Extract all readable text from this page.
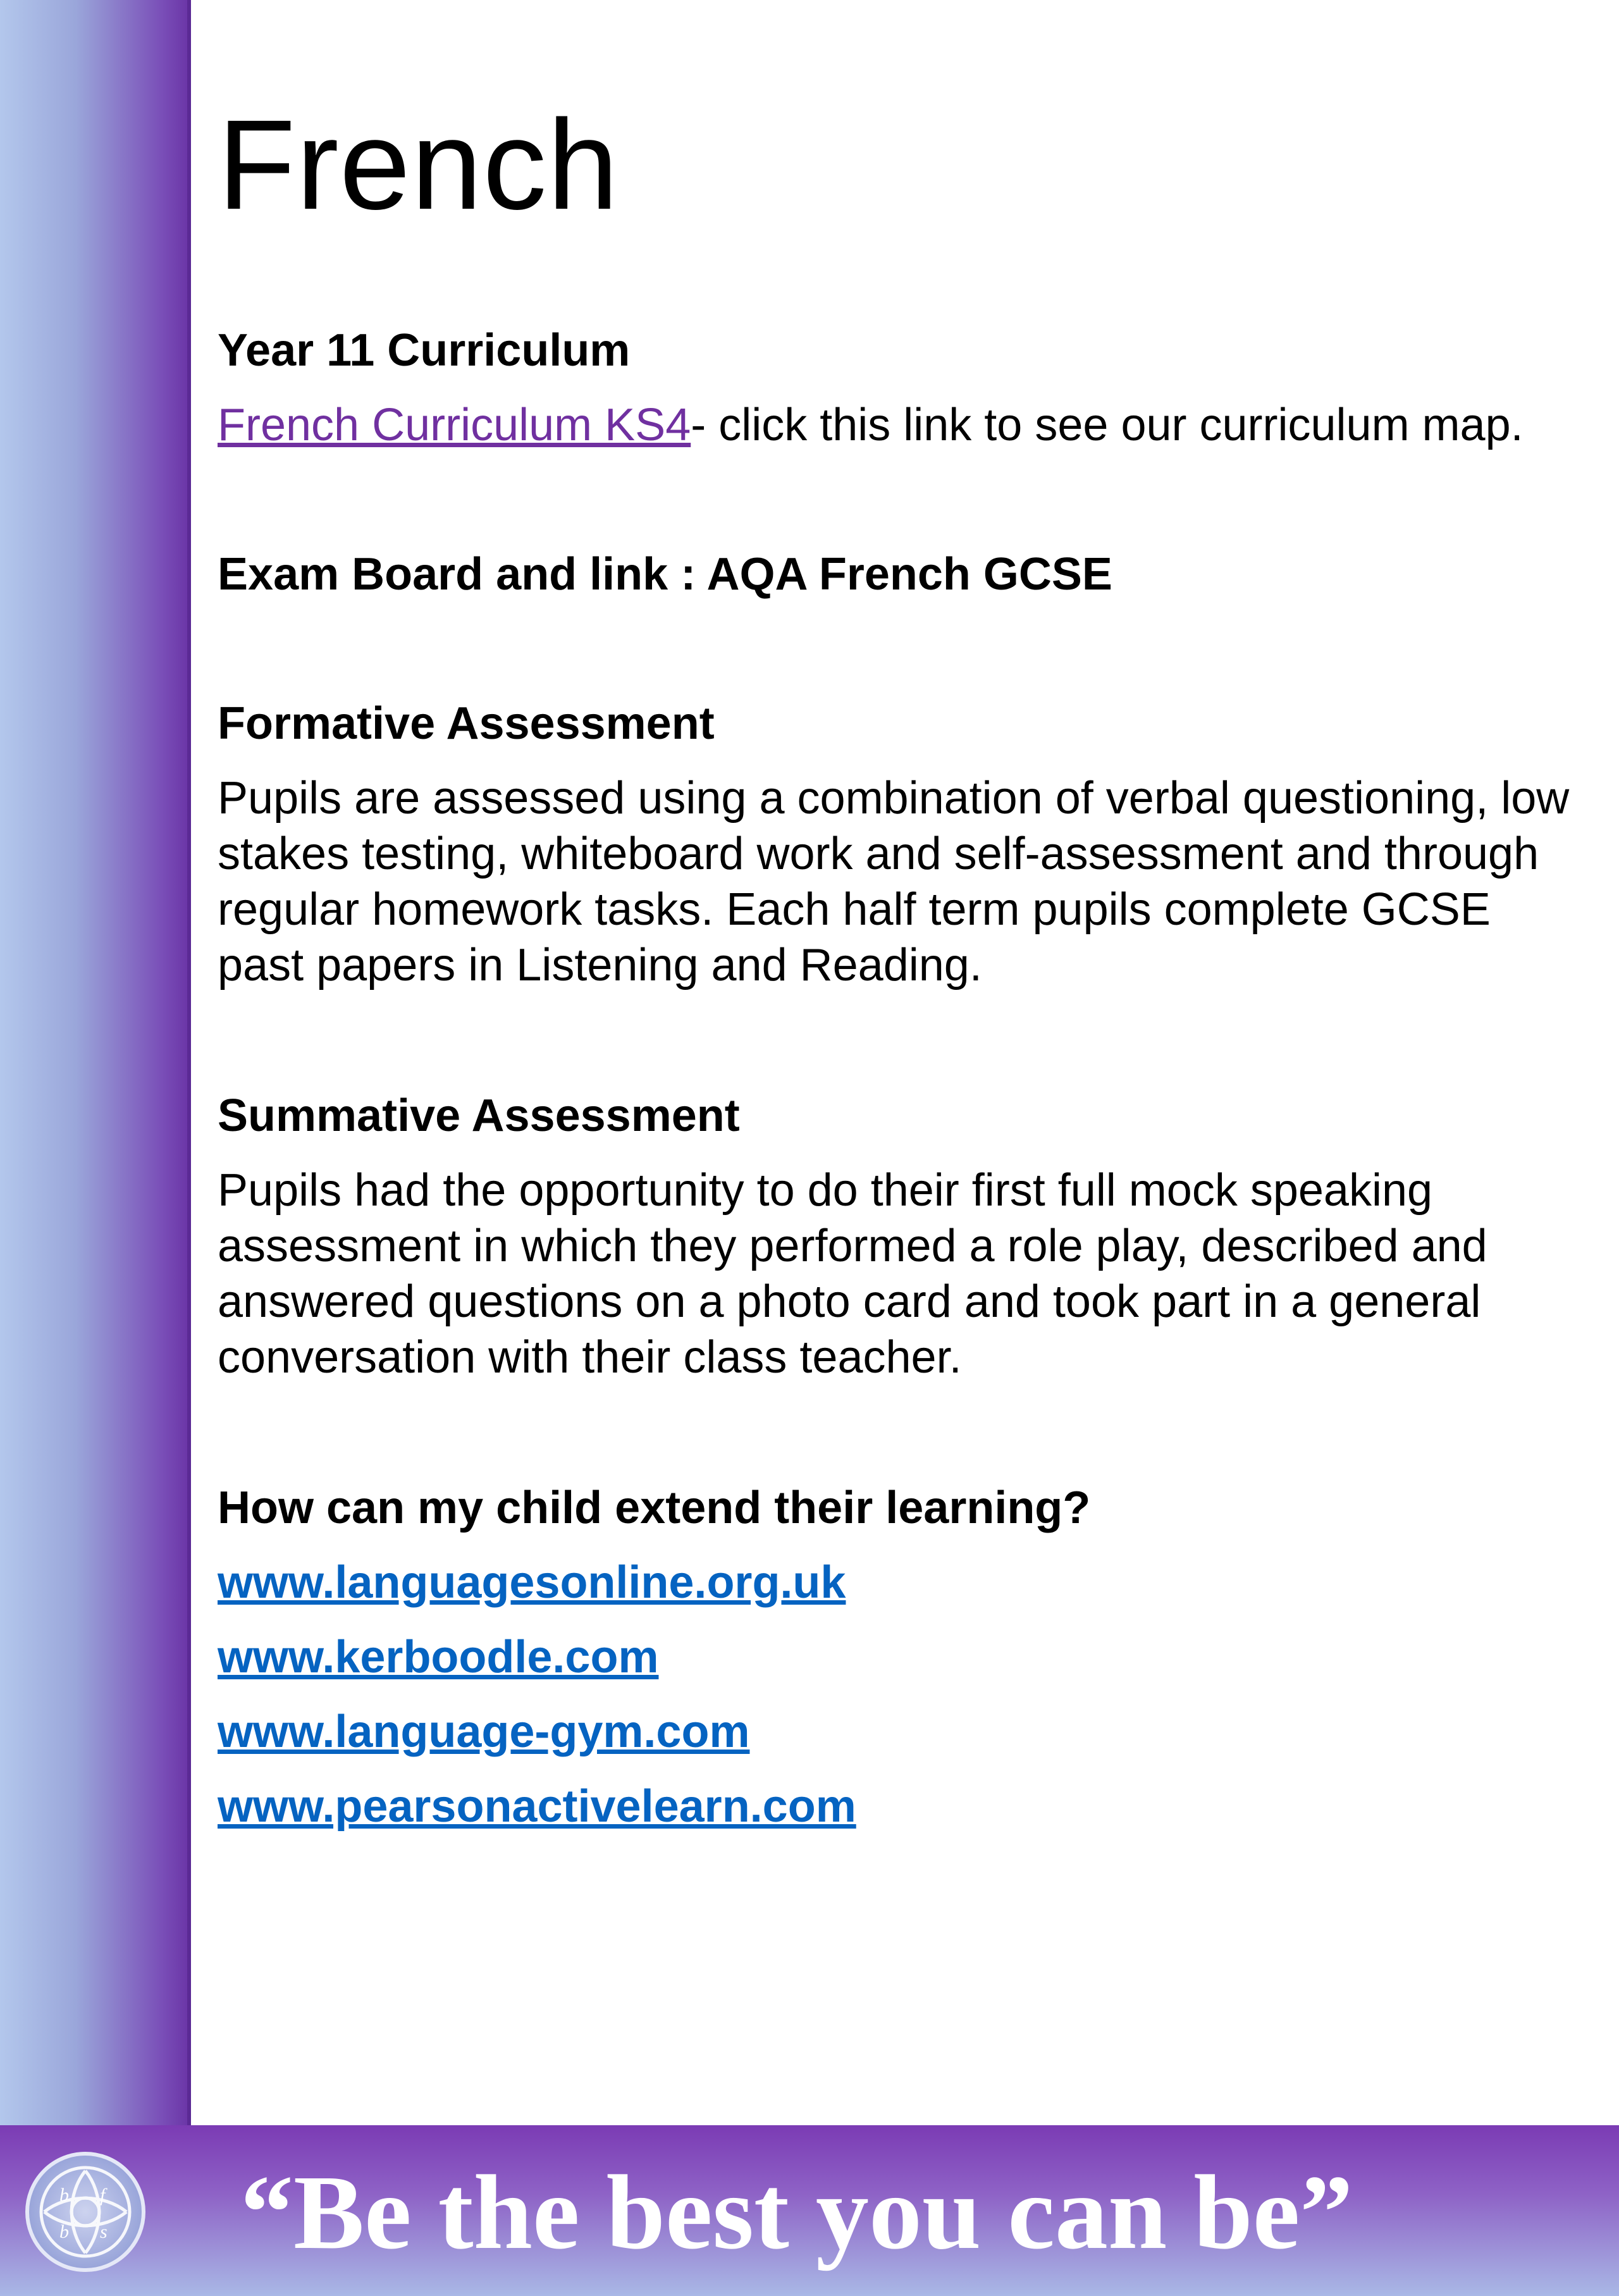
French

Year 11 Curriculum

French Curriculum KS4- click this link to see our curriculum map.

Exam Board and link : AQA French GCSE

Formative Assessment

Pupils are assessed using a combination of verbal questioning, low stakes testing, whiteboard work and self-assessment and through regular homework tasks. Each half term pupils complete GCSE past papers in Listening and Reading.

Summative Assessment

Pupils had the opportunity to do their first full mock speaking assessment in which they performed a role play, described and answered questions on a photo card and took part in a general conversation with their class teacher.

How can my child extend their learning?

www.languagesonline.org.uk
www.kerboodle.com
www.language-gym.com
www.pearsonactivelearn.com
b f
b s “Be the best you can be”
